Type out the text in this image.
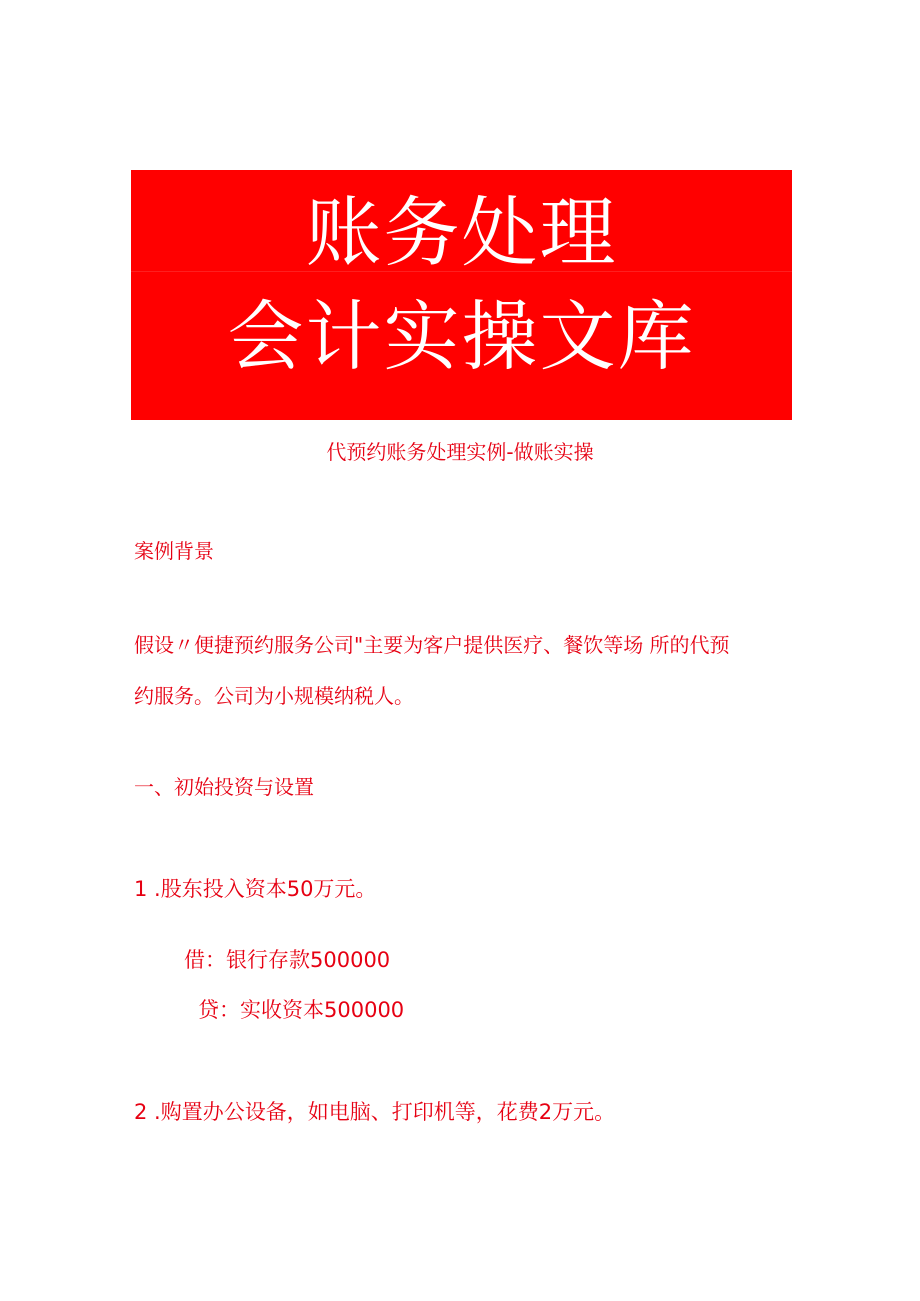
账务处理
会计实操文库
代预约账务处理实例-做账实操
案例背景
假设〃便捷预约服务公司"主要为客户提供医疗、餐饮等场 所的代预
约服务。公司为小规模纳税人。
一、初始投资与设置
1 .股东投入资本50万元。
借：银行存款500000
贷：实收资本500000
2 .购置办公设备，如电脑、打印机等，花费2万元。
